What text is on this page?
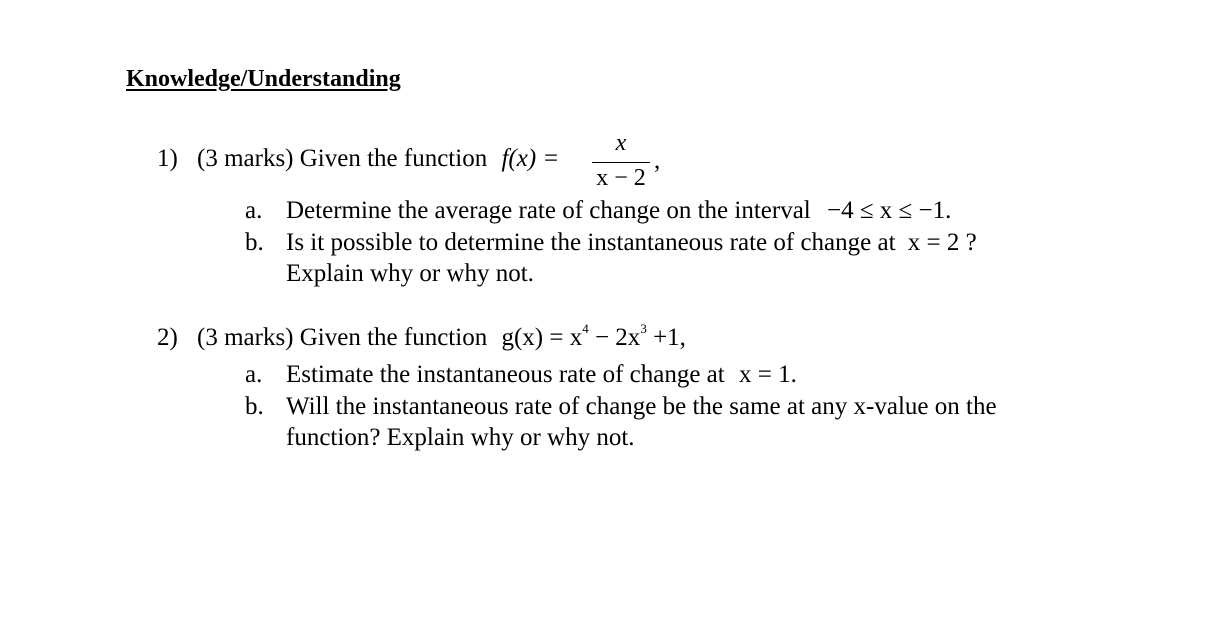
Knowledge/Understanding
1) (3 marks) Given the function f(x) =
x
x − 2
,
a. Determine the average rate of change on the interval −4 ≤ x ≤ −1.
b. Is it possible to determine the instantaneous rate of change at x = 2 ?
Explain why or why not.
2) (3 marks) Given the function $g(x) = x^4 - 2x^3 +1$,
a. Estimate the instantaneous rate of change at x = 1.
b. Will the instantaneous rate of change be the same at any x-value on the
function? Explain why or why not.
